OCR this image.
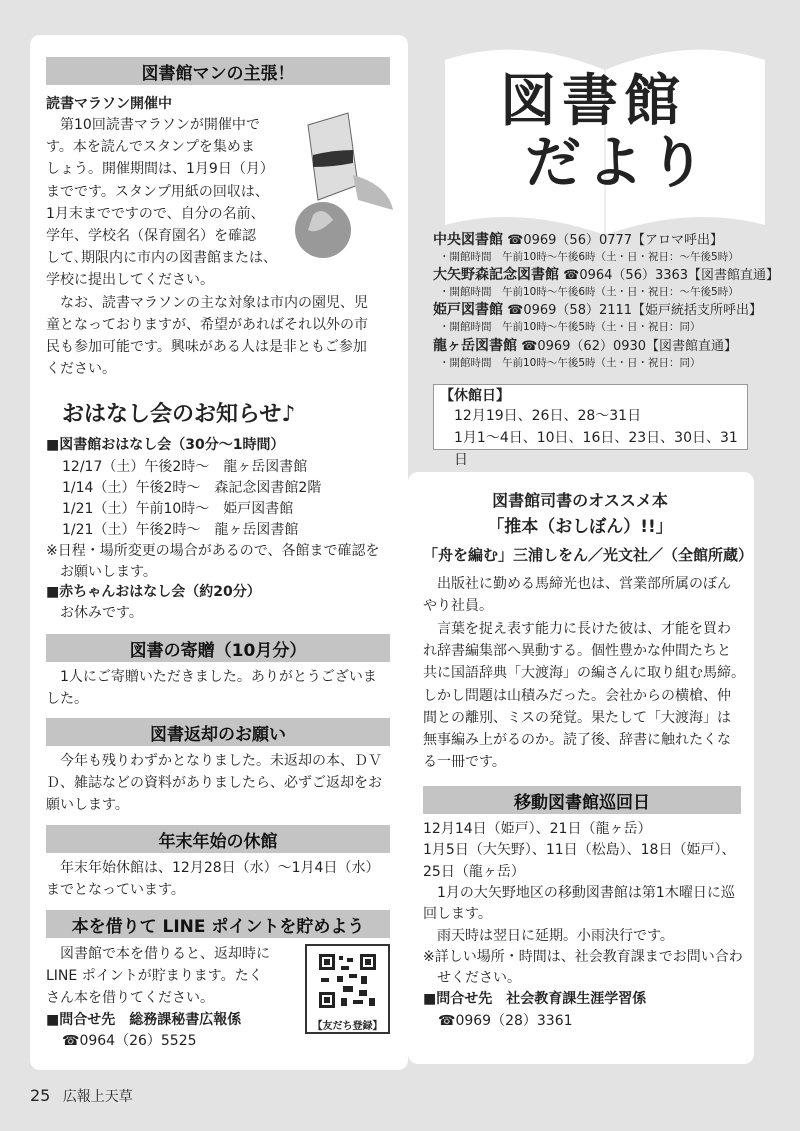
図書館
だより
中央図書館 ☎0969（56）0777【アロマ呼出】
・開館時間　午前10時～午後6時（土・日・祝日：～午後5時）
大矢野森記念図書館 ☎0964（56）3363【図書館直通】
・開館時間　午前10時～午後6時（土・日・祝日：～午後5時）
姫戸図書館 ☎0969（58）2111【姫戸統括支所呼出】
・開館時間　午前10時～午後5時（土・日・祝日：同）
龍ヶ岳図書館 ☎0969（62）0930【図書館直通】
・開館時間　午前10時～午後5時（土・日・祝日：同）
【休館日】
12月19日、26日、28～31日
1月1～4日、10日、16日、23日、30日、31日
図書館マンの主張！
読書マラソン開催中
　第10回読書マラソンが開催中で
す。本を読んでスタンプを集めま
しょう。開催期間は、1月9日（月）
までです。スタンプ用紙の回収は、
1月末までですので、自分の名前、
学年、学校名（保育園名）を確認
して､期限内に市内の図書館または、
学校に提出してください。
　なお、読書マラソンの主な対象は市内の園児、児
童となっておりますが、希望があればそれ以外の市
民も参加可能です。興味がある人は是非ともご参加
ください。
おはなし会のお知らせ♪
■図書館おはなし会（30分～1時間）
12/17（土）午後2時～　龍ヶ岳図書館
1/14（土）午後2時～　森記念図書館2階
1/21（土）午前10時～　姫戸図書館
1/21（土）午後2時～　龍ヶ岳図書館
※日程・場所変更の場合があるので、各館まで確認を
　お願いします。
■赤ちゃんおはなし会（約20分）
　お休みです。
図書の寄贈（10月分）
　1人にご寄贈いただきました。ありがとうございま
した。
図書返却のお願い
　今年も残りわずかとなりました。未返却の本、ＤＶ
Ｄ、雑誌などの資料がありましたら、必ずご返却をお
願いします。
年末年始の休館
　年末年始休館は、12月28日（水）～1月4日（水）
までとなっています。
本を借りて LINE ポイントを貯めよう
　図書館で本を借りると、返却時に
LINE ポイントが貯まります。たく
さん本を借りてください。
■問合せ先　総務課秘書広報係
☎0964（26）5525
【友だち登録】
図書館司書のオススメ本
「推本（おしぼん）!!」
「舟を編む」三浦しをん／光文社／（全館所蔵）
　出版社に勤める馬締光也は、営業部所属のぼん
やり社員。
　言葉を捉え表す能力に長けた彼は、才能を買わ
れ辞書編集部へ異動する。個性豊かな仲間たちと
共に国語辞典「大渡海」の編さんに取り組む馬締。
しかし問題は山積みだった。会社からの横槍、仲
間との離別、ミスの発覚。果たして「大渡海」は
無事編み上がるのか。読了後、辞書に触れたくな
る一冊です。
移動図書館巡回日
12月14日（姫戸）、21日（龍ヶ岳）
1月5日（大矢野）、11日（松島）、18日（姫戸）、
25日（龍ヶ岳）
　1月の大矢野地区の移動図書館は第1木曜日に巡
回します。
　雨天時は翌日に延期。小雨決行です。
※詳しい場所・時間は、社会教育課までお問い合わ
　せください。
■問合せ先　社会教育課生涯学習係
☎0969（28）3361
25 広報上天草
